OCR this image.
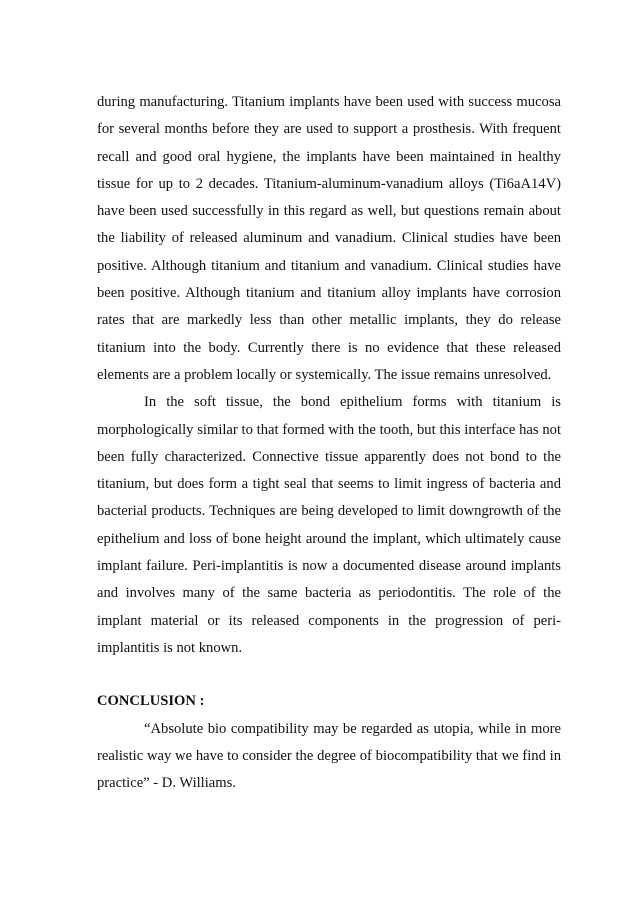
during manufacturing. Titanium implants have been used with success mucosa for several months before they are used to support a prosthesis. With frequent recall and good oral hygiene, the implants have been maintained in healthy tissue for up to 2 decades. Titanium-aluminum-vanadium alloys (Ti6aA14V) have been used successfully in this regard as well, but questions remain about the liability of released aluminum and vanadium. Clinical studies have been positive. Although titanium and titanium and vanadium. Clinical studies have been positive. Although titanium and titanium alloy implants have corrosion rates that are markedly less than other metallic implants, they do release titanium into the body. Currently there is no evidence that these released elements are a problem locally or systemically. The issue remains unresolved.

In the soft tissue, the bond epithelium forms with titanium is morphologically similar to that formed with the tooth, but this interface has not been fully characterized. Connective tissue apparently does not bond to the titanium, but does form a tight seal that seems to limit ingress of bacteria and bacterial products. Techniques are being developed to limit downgrowth of the epithelium and loss of bone height around the implant, which ultimately cause implant failure. Peri-implantitis is now a documented disease around implants and involves many of the same bacteria as periodontitis. The role of the implant material or its released components in the progression of peri-implantitis is not known.

CONCLUSION :

“Absolute bio compatibility may be regarded as utopia, while in more realistic way we have to consider the degree of biocompatibility that we find in practice” - D. Williams.
